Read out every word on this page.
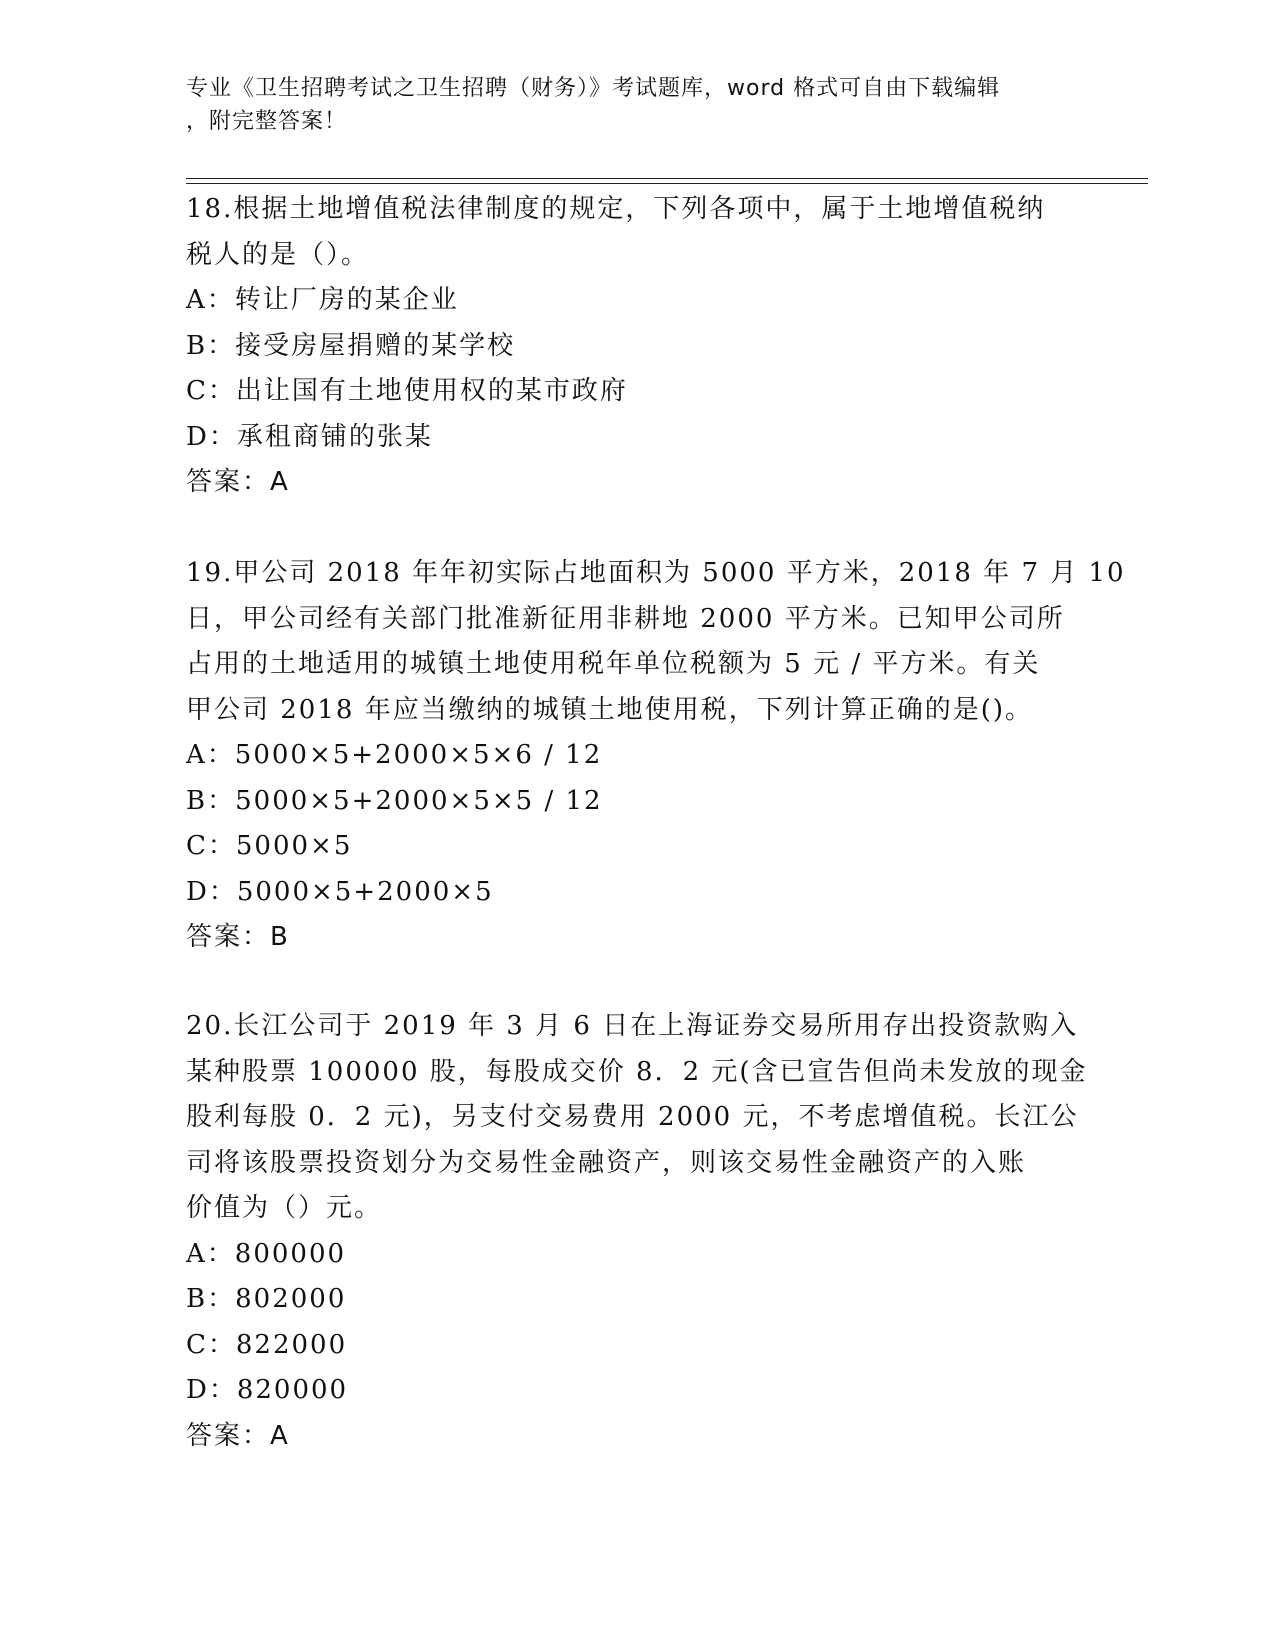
专业《卫生招聘考试之卫生招聘（财务）》考试题库，word 格式可自由下载编辑
，附完整答案！
18.根据土地增值税法律制度的规定，下列各项中，属于土地增值税纳
税人的是（）。
A：转让厂房的某企业
B：接受房屋捐赠的某学校
C：出让国有土地使用权的某市政府
D：承租商铺的张某
答案：A
19.甲公司 2018 年年初实际占地面积为 5000 平方米，2018 年 7 月 10
日，甲公司经有关部门批准新征用非耕地 2000 平方米。已知甲公司所
占用的土地适用的城镇土地使用税年单位税额为 5 元 / 平方米。有关
甲公司 2018 年应当缴纳的城镇土地使用税，下列计算正确的是()。
A：5000×5+2000×5×6 / 12
B：5000×5+2000×5×5 / 12
C：5000×5
D：5000×5+2000×5
答案：B
20.长江公司于 2019 年 3 月 6 日在上海证券交易所用存出投资款购入
某种股票 100000 股，每股成交价 8．2 元(含已宣告但尚未发放的现金
股利每股 0．2 元)，另支付交易费用 2000 元，不考虑增值税。长江公
司将该股票投资划分为交易性金融资产，则该交易性金融资产的入账
价值为（）元。
A：800000
B：802000
C：822000
D：820000
答案：A
